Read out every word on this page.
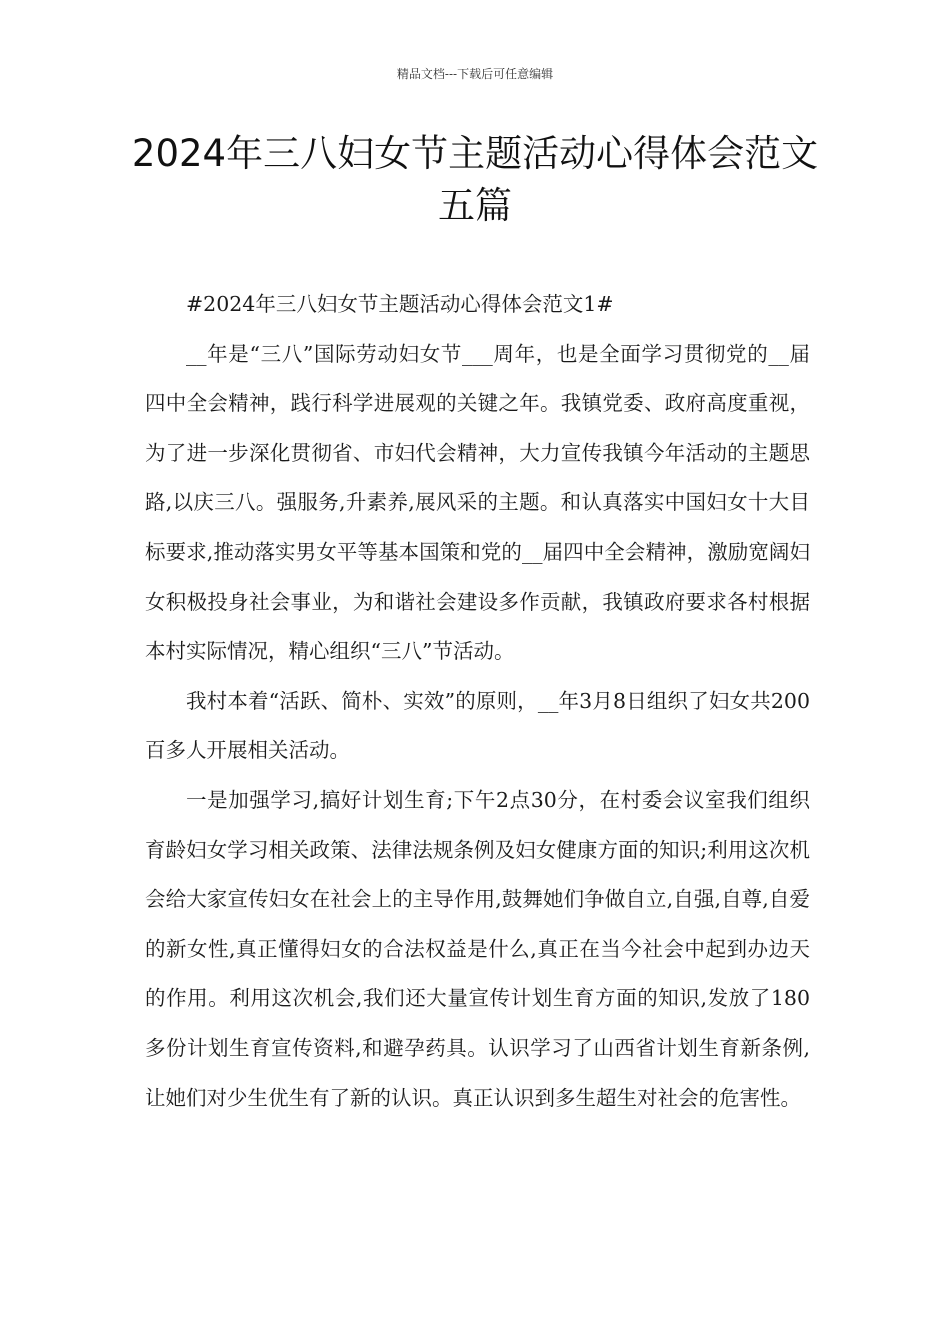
精品文档---下载后可任意编辑
2024年三八妇女节主题活动心得体会范文五篇

#2024年三八妇女节主题活动心得体会范文1#

__年是“三八”国际劳动妇女节___周年，也是全面学习贯彻党的__届四中全会精神，践行科学进展观的关键之年。我镇党委、政府高度重视，为了进一步深化贯彻省、市妇代会精神，大力宣传我镇今年活动的主题思路,以庆三八。强服务,升素养,展风采的主题。和认真落实中国妇女十大目标要求,推动落实男女平等基本国策和党的__届四中全会精神，激励宽阔妇女积极投身社会事业，为和谐社会建设多作贡献，我镇政府要求各村根据本村实际情况，精心组织“三八”节活动。

我村本着“活跃、简朴、实效”的原则，__年3月8日组织了妇女共200百多人开展相关活动。

一是加强学习,搞好计划生育;下午2点30分，在村委会议室我们组织育龄妇女学习相关政策、法律法规条例及妇女健康方面的知识;利用这次机会给大家宣传妇女在社会上的主导作用,鼓舞她们争做自立,自强,自尊,自爱的新女性,真正懂得妇女的合法权益是什么,真正在当今社会中起到办边天的作用。利用这次机会,我们还大量宣传计划生育方面的知识,发放了180多份计划生育宣传资料,和避孕药具。认识学习了山西省计划生育新条例,让她们对少生优生有了新的认识。真正认识到多生超生对社会的危害性。
